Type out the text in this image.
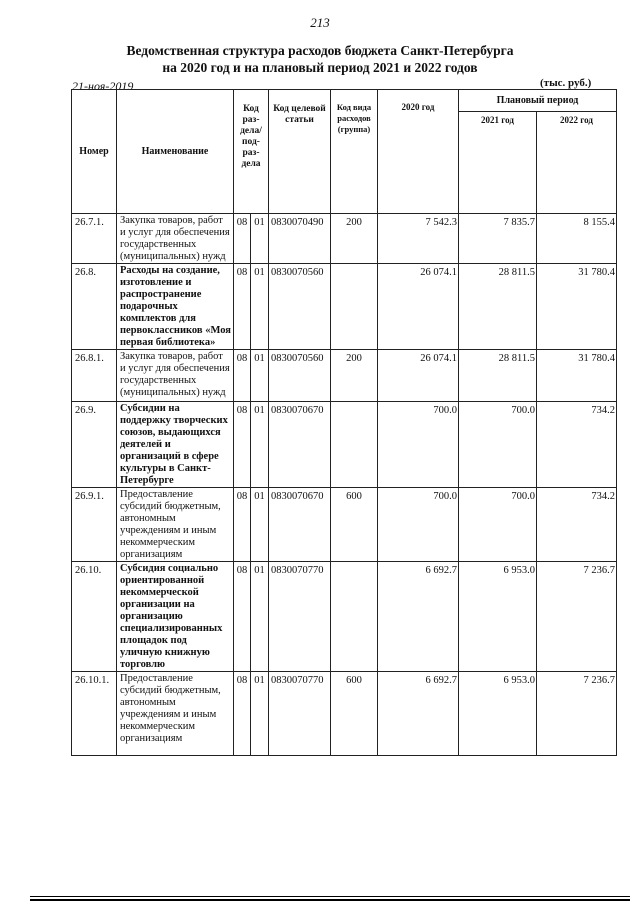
213
Ведомственная структура расходов бюджета Санкт-Петербурга
на 2020 год и на плановый период 2021 и 2022 годов
21-ноя-2019	(тыс. руб.)
Номер	Наименование	Код раз-дела/ под-раз-дела		Код целевой статьи	Код вида расходов (группа)	2020 год	Плановый период	
							2021 год	2022 год
26.7.1.	Закупка товаров, работ и услуг для обеспечения государственных (муниципальных) нужд	08	01	0830070490	200	7 542.3	7 835.7	8 155.4
26.8.	Расходы на создание, изготовление и распространение подарочных комплектов для первоклассников «Моя первая библиотека»	08	01	0830070560		26 074.1	28 811.5	31 780.4
26.8.1.	Закупка товаров, работ и услуг для обеспечения государственных (муниципальных) нужд	08	01	0830070560	200	26 074.1	28 811.5	31 780.4
26.9.	Субсидии на поддержку творческих союзов, выдающихся деятелей и организаций в сфере культуры в Санкт-Петербурге	08	01	0830070670		700.0	700.0	734.2
26.9.1.	Предоставление субсидий бюджетным, автономным учреждениям и иным некоммерческим организациям	08	01	0830070670	600	700.0	700.0	734.2
26.10.	Субсидия социально ориентированной некоммерческой организации на организацию специализированных площадок под уличную книжную торговлю	08	01	0830070770		6 692.7	6 953.0	7 236.7
26.10.1.	Предоставление субсидий бюджетным, автономным учреждениям и иным некоммерческим организациям	08	01	0830070770	600	6 692.7	6 953.0	7 236.7
